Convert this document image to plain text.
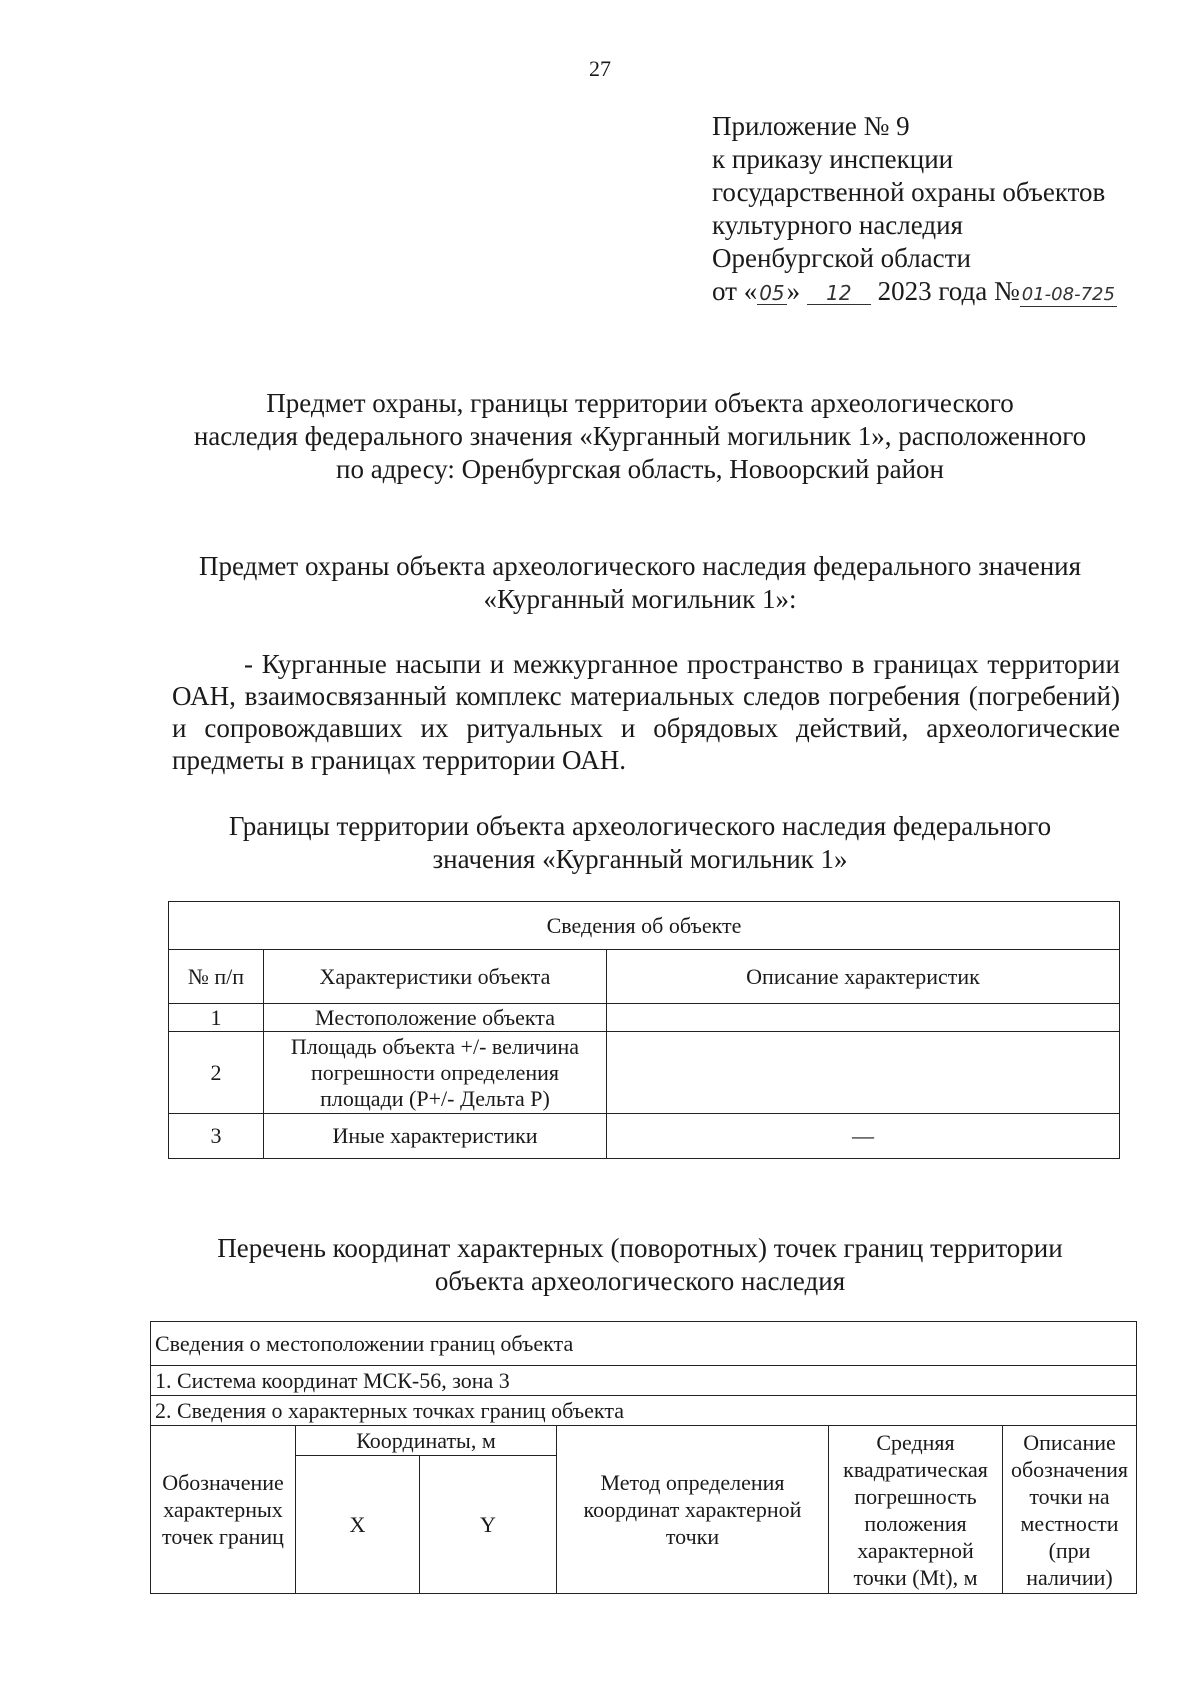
27
Приложение № 9
к приказу инспекции
государственной охраны объектов
культурного наследия
Оренбургской области
от « 05» 12 2023 года № 01-08-725
Предмет охраны, границы территории объекта археологического
наследия федерального значения «Курганный могильник 1», расположенного
по адресу: Оренбургская область, Новоорский район
Предмет охраны объекта археологического наследия федерального значения
«Курганный могильник 1»:
- Курганные насыпи и межкурганное пространство в границах территории ОАН, взаимосвязанный комплекс материальных следов погребения (погребений) и сопровождавших их ритуальных и обрядовых действий, археологические предметы в границах территории ОАН.
Границы территории объекта археологического наследия федерального
значения «Курганный могильник 1»
Сведения об объекте		
№ п/п	Характеристики объекта	Описание характеристик
1	Местоположение объекта	
2	Площадь объекта +/- величина погрешности определения площади (P+/- Дельта P)	
3	Иные характеристики	—
Перечень координат характерных (поворотных) точек границ территории
объекта археологического наследия
Сведения о местоположении границ объекта					
1. Система координат МСК-56, зона 3					
2. Сведения о характерных точках границ объекта					
Обозначение характерных точек границ	Координаты, м		Метод определения координат характерной точки	Средняя квадратическая погрешность положения характерной точки (Mt), м	Описание обозначения точки на местности (при наличии)
	X	Y			
